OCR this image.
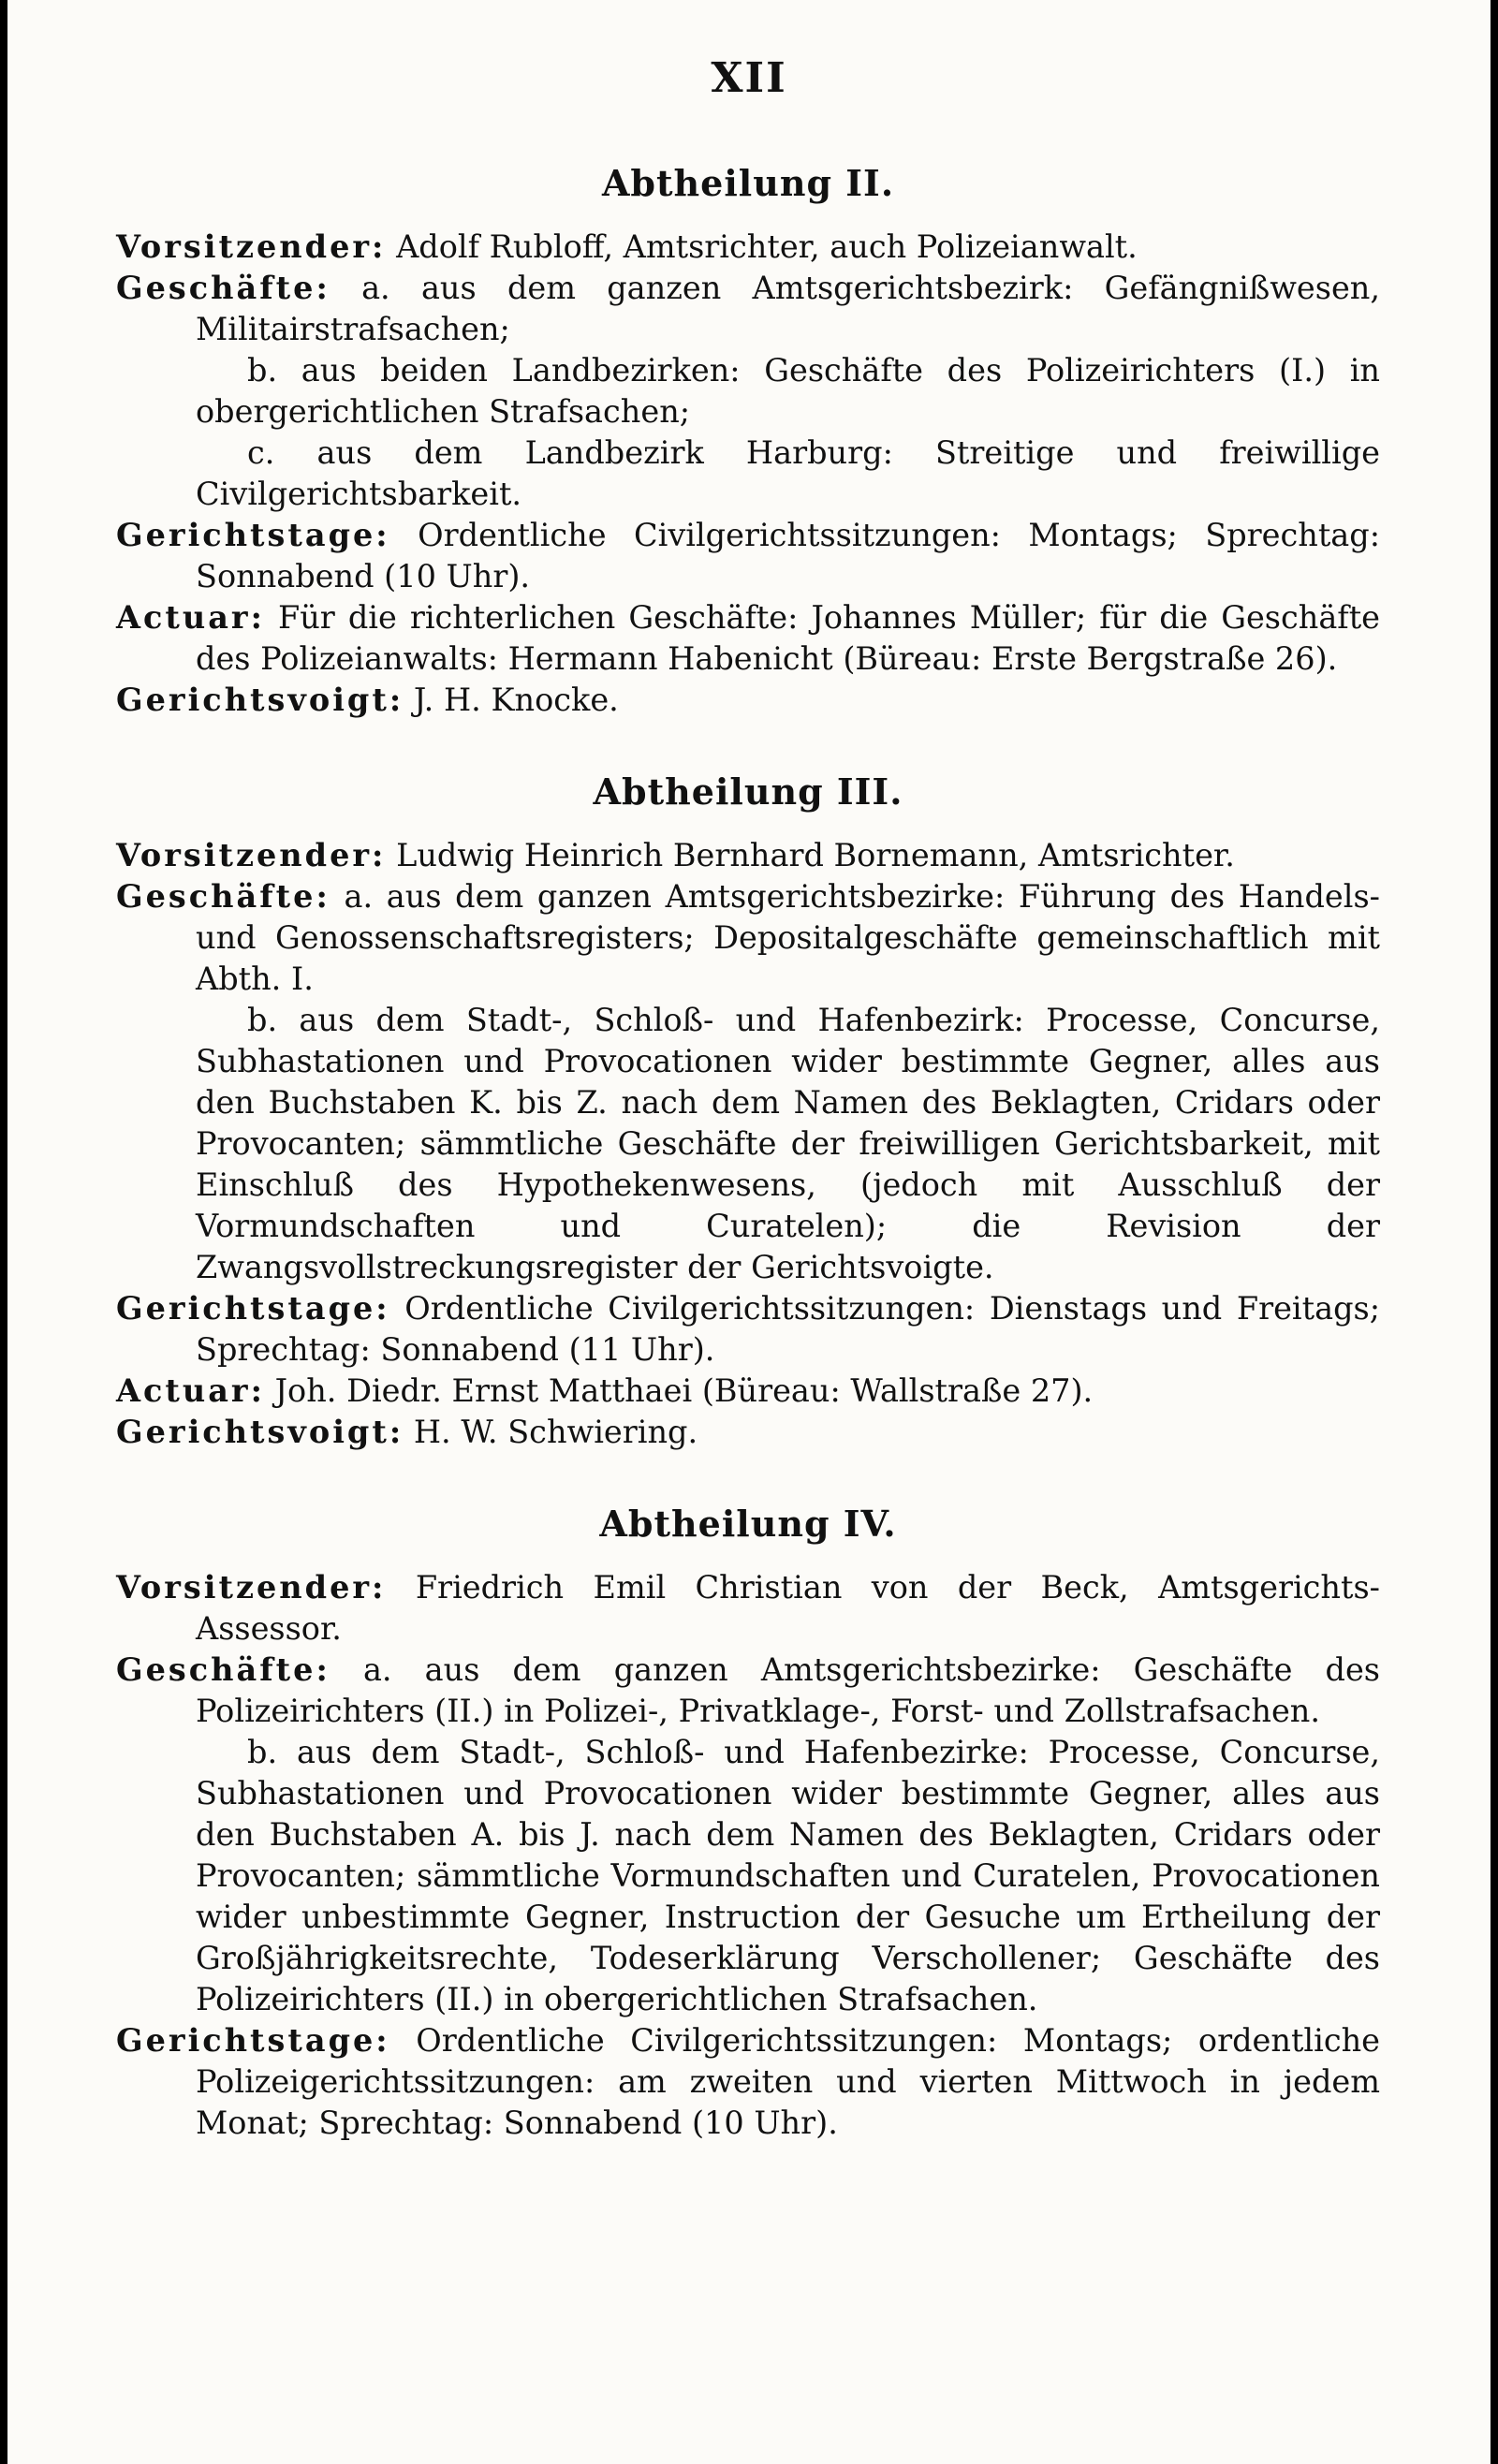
XII
Abtheilung II.

Vorsitzender: Adolf Rubloff, Amtsrichter, auch Polizeianwalt.

Geschäfte: a. aus dem ganzen Amtsgerichtsbezirk: Gefängnißwesen, Militairstrafsachen;

b. aus beiden Landbezirken: Geschäfte des Polizeirichters (I.) in obergerichtlichen Strafsachen;

c. aus dem Landbezirk Harburg: Streitige und freiwillige Civilgerichtsbarkeit.

Gerichtstage: Ordentliche Civilgerichtssitzungen: Montags; Sprechtag: Sonnabend (10 Uhr).

Actuar: Für die richterlichen Geschäfte: Johannes Müller; für die Geschäfte des Polizeianwalts: Hermann Habenicht (Büreau: Erste Bergstraße 26).

Gerichtsvoigt: J. H. Knocke.

Abtheilung III.

Vorsitzender: Ludwig Heinrich Bernhard Bornemann, Amtsrichter.

Geschäfte: a. aus dem ganzen Amtsgerichtsbezirke: Führung des Handels- und Genossenschaftsregisters; Depositalgeschäfte gemeinschaftlich mit Abth. I.

b. aus dem Stadt-, Schloß- und Hafenbezirk: Processe, Concurse, Subhastationen und Provocationen wider bestimmte Gegner, alles aus den Buchstaben K. bis Z. nach dem Namen des Beklagten, Cridars oder Provocanten; sämmtliche Geschäfte der freiwilligen Gerichtsbarkeit, mit Einschluß des Hypothekenwesens, (jedoch mit Ausschluß der Vormundschaften und Curatelen); die Revision der Zwangsvollstreckungsregister der Gerichtsvoigte.

Gerichtstage: Ordentliche Civilgerichtssitzungen: Dienstags und Freitags; Sprechtag: Sonnabend (11 Uhr).

Actuar: Joh. Diedr. Ernst Matthaei (Büreau: Wallstraße 27).

Gerichtsvoigt: H. W. Schwiering.

Abtheilung IV.

Vorsitzender: Friedrich Emil Christian von der Beck, Amtsgerichts-Assessor.

Geschäfte: a. aus dem ganzen Amtsgerichtsbezirke: Geschäfte des Polizeirichters (II.) in Polizei-, Privatklage-, Forst- und Zollstrafsachen.

b. aus dem Stadt-, Schloß- und Hafenbezirke: Processe, Concurse, Subhastationen und Provocationen wider bestimmte Gegner, alles aus den Buchstaben A. bis J. nach dem Namen des Beklagten, Cridars oder Provocanten; sämmtliche Vormundschaften und Curatelen, Provocationen wider unbestimmte Gegner, Instruction der Gesuche um Ertheilung der Großjährigkeitsrechte, Todeserklärung Verschollener; Geschäfte des Polizeirichters (II.) in obergerichtlichen Strafsachen.

Gerichtstage: Ordentliche Civilgerichtssitzungen: Montags; ordentliche Polizeigerichtssitzungen: am zweiten und vierten Mittwoch in jedem Monat; Sprechtag: Sonnabend (10 Uhr).
